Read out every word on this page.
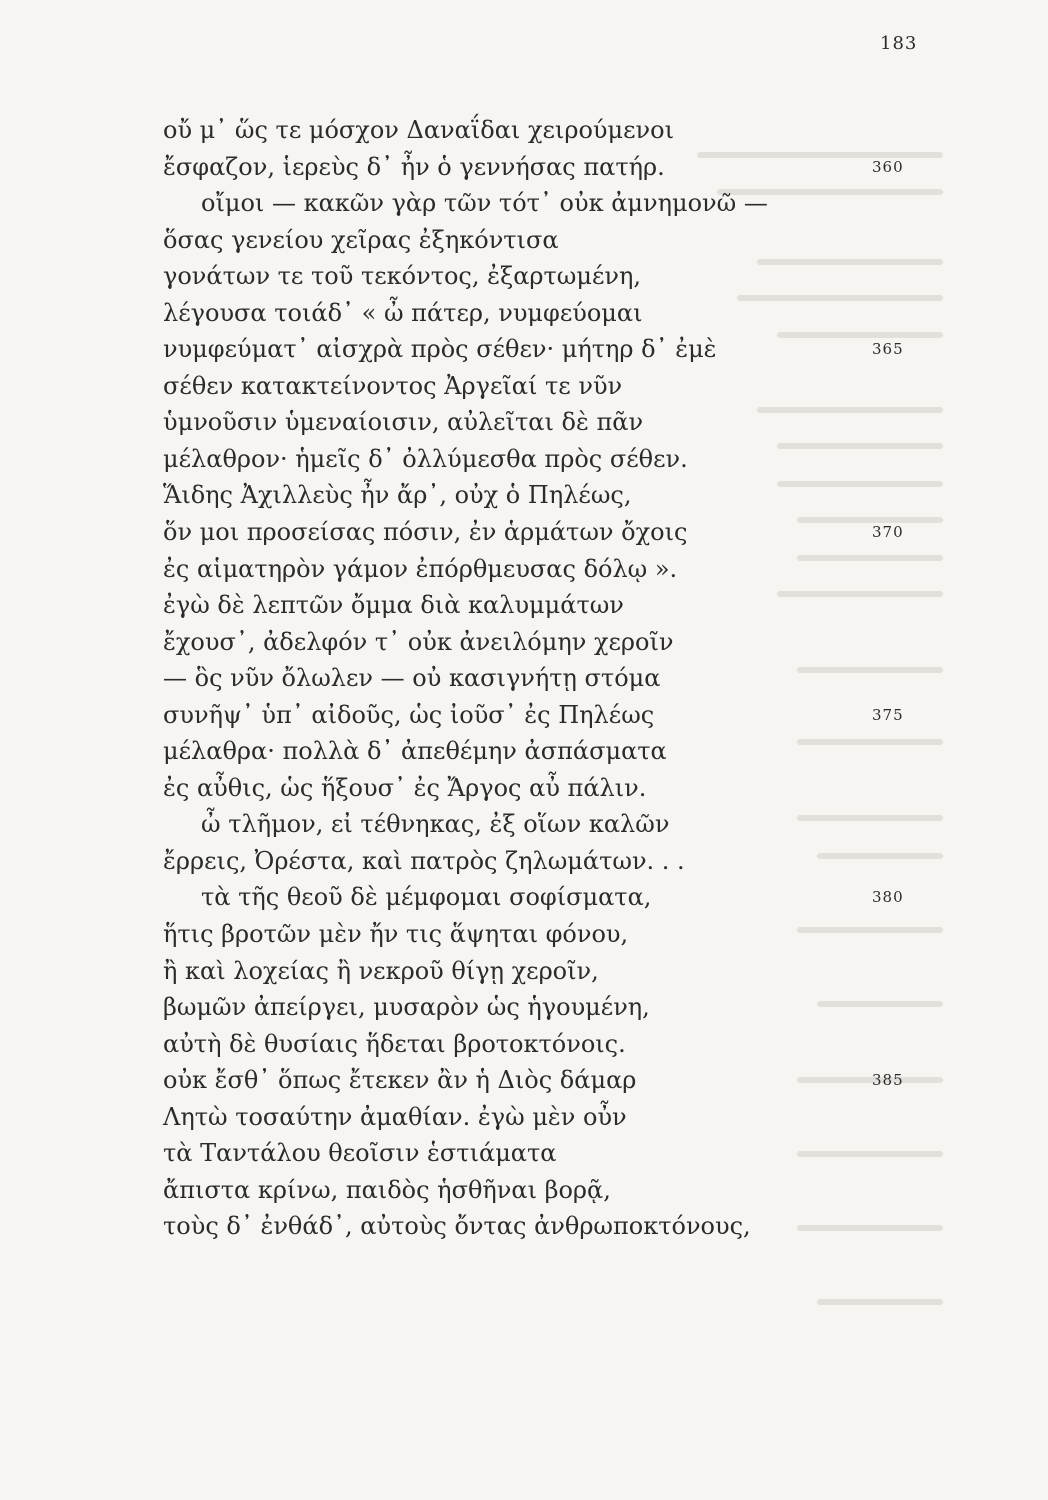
183
οὔ μ᾽ ὥς τε μόσχον Δαναΐδαι χειρούμενοι
ἔσφαζον, ἱερεὺς δ᾽ ἦν ὁ γεννήσας πατήρ.	360
οἴμοι — κακῶν γὰρ τῶν τότ᾽ οὐκ ἀμνημονῶ —
ὅσας γενείου χεῖρας ἐξηκόντισα
γονάτων τε τοῦ τεκόντος, ἐξαρτωμένη,
λέγουσα τοιάδ᾽ « ὦ πάτερ, νυμφεύομαι
νυμφεύματ᾽ αἰσχρὰ πρὸς σέθεν· μήτηρ δ᾽ ἐμὲ	365
σέθεν κατακτείνοντος Ἀργεῖαί τε νῦν
ὑμνοῦσιν ὑμεναίοισιν, αὐλεῖται δὲ πᾶν
μέλαθρον· ἡμεῖς δ᾽ ὀλλύμεσθα πρὸς σέθεν.
Ἅιδης Ἀχιλλεὺς ἦν ἄρ᾽, οὐχ ὁ Πηλέως,
ὅν μοι προσείσας πόσιν, ἐν ἁρμάτων ὄχοις	370
ἐς αἱματηρὸν γάμον ἐπόρθμευσας δόλῳ ».
ἐγὼ δὲ λεπτῶν ὄμμα διὰ καλυμμάτων
ἔχουσ᾽, ἀδελφόν τ᾽ οὐκ ἀνειλόμην χεροῖν
— ὃς νῦν ὄλωλεν — οὐ κασιγνήτῃ στόμα
συνῆψ᾽ ὑπ᾽ αἰδοῦς, ὡς ἰοῦσ᾽ ἐς Πηλέως	375
μέλαθρα· πολλὰ δ᾽ ἀπεθέμην ἀσπάσματα
ἐς αὖθις, ὡς ἥξουσ᾽ ἐς Ἄργος αὖ πάλιν.
ὦ τλῆμον, εἰ τέθνηκας, ἐξ οἵων καλῶν
ἔρρεις, Ὀρέστα, καὶ πατρὸς ζηλωμάτων. . .
τὰ τῆς θεοῦ δὲ μέμφομαι σοφίσματα,	380
ἥτις βροτῶν μὲν ἤν τις ἅψηται φόνου,
ἢ καὶ λοχείας ἢ νεκροῦ θίγῃ χεροῖν,
βωμῶν ἀπείργει, μυσαρὸν ὡς ἡγουμένη,
αὐτὴ δὲ θυσίαις ἥδεται βροτοκτόνοις.
οὐκ ἔσθ᾽ ὅπως ἔτεκεν ἂν ἡ Διὸς δάμαρ	385
Λητὼ τοσαύτην ἀμαθίαν. ἐγὼ μὲν οὖν
τὰ Ταντάλου θεοῖσιν ἑστιάματα
ἄπιστα κρίνω, παιδὸς ἡσθῆναι βορᾷ,
τοὺς δ᾽ ἐνθάδ᾽, αὐτοὺς ὄντας ἀνθρωποκτόνους,
